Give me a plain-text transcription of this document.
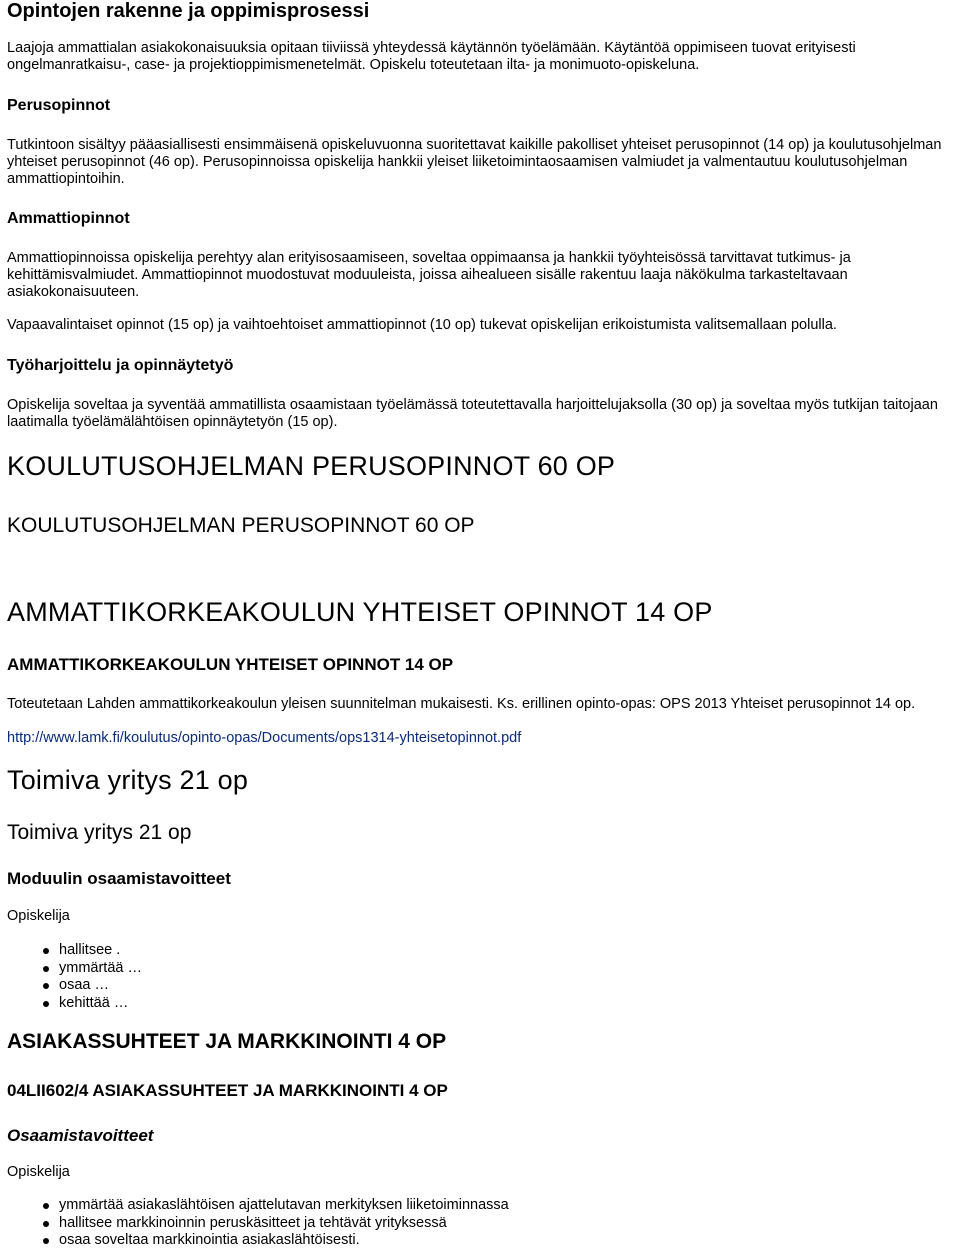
Opintojen rakenne ja oppimisprosessi

Laajoja ammattialan asiakokonaisuuksia opitaan tiiviissä yhteydessä käytännön työelämään. Käytäntöä oppimiseen tuovat erityisesti ongelmanratkaisu-, case- ja projektioppimismenetelmät. Opiskelu toteutetaan ilta- ja monimuoto-opiskeluna.

Perusopinnot

Tutkintoon sisältyy pääasiallisesti ensimmäisenä opiskeluvuonna suoritettavat kaikille pakolliset yhteiset perusopinnot (14 op) ja koulutusohjelman yhteiset perusopinnot (46 op). Perusopinnoissa opiskelija hankkii yleiset liiketoimintaosaamisen valmiudet ja valmentautuu koulutusohjelman ammattiopintoihin.

Ammattiopinnot

Ammattiopinnoissa opiskelija perehtyy alan erityisosaamiseen, soveltaa oppimaansa ja hankkii työyhteisössä tarvittavat tutkimus- ja kehittämisvalmiudet. Ammattiopinnot muodostuvat moduuleista, joissa aihealueen sisälle rakentuu laaja näkökulma tarkasteltavaan asiakokonaisuuteen.

Vapaavalintaiset opinnot (15 op) ja vaihtoehtoiset ammattiopinnot (10 op) tukevat opiskelijan erikoistumista valitsemallaan polulla.

Työharjoittelu ja opinnäytetyö

Opiskelija soveltaa ja syventää ammatillista osaamistaan työelämässä toteutettavalla harjoittelujaksolla (30 op) ja soveltaa myös tutkijan taitojaan laatimalla työelämälähtöisen opinnäytetyön (15 op).

KOULUTUSOHJELMAN PERUSOPINNOT 60 OP
KOULUTUSOHJELMAN PERUSOPINNOT 60 OP
AMMATTIKORKEAKOULUN YHTEISET OPINNOT 14 OP
AMMATTIKORKEAKOULUN YHTEISET OPINNOT 14 OP

Toteutetaan Lahden ammattikorkeakoulun yleisen suunnitelman mukaisesti. Ks. erillinen opinto-opas: OPS 2013 Yhteiset perusopinnot 14 op.

http://www.lamk.fi/koulutus/opinto-opas/Documents/ops1314-yhteisetopinnot.pdf
Toimiva yritys 21 op
Toimiva yritys 21 op
Moduulin osaamistavoitteet

Opiskelija

hallitsee .
ymmärtää …
osaa …
kehittää …
ASIAKASSUHTEET JA MARKKINOINTI 4 OP
04LII602/4 ASIAKASSUHTEET JA MARKKINOINTI 4 OP
Osaamistavoitteet

Opiskelija

ymmärtää asiakaslähtöisen ajattelutavan merkityksen liiketoiminnassa
hallitsee markkinoinnin peruskäsitteet ja tehtävät yrityksessä
osaa soveltaa markkinointia asiakaslähtöisesti.
